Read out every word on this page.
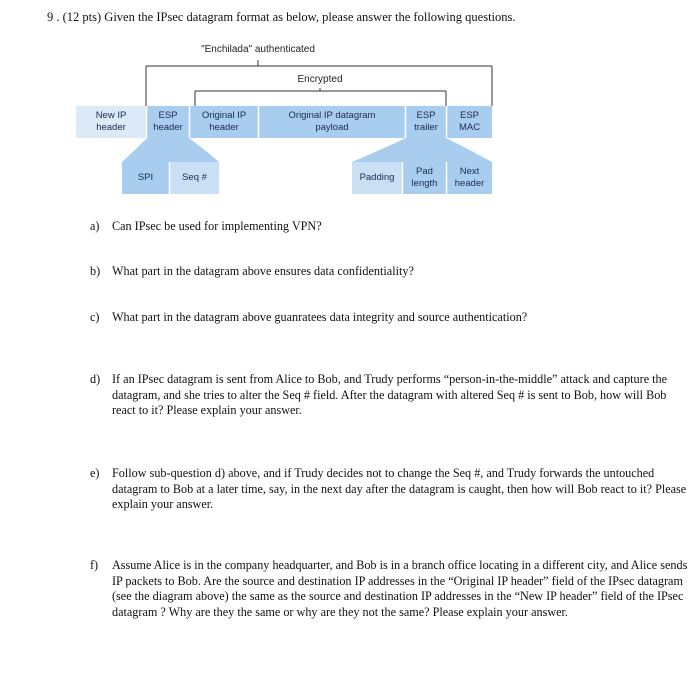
9 . (12 pts) Given the IPsec datagram format as below, please answer the following questions.
"Enchilada" authenticated
Encrypted
New IP header
ESP header
Original IP header
Original IP datagram payload
ESP trailer
ESP MAC
SPI	Seq #	Padding
Pad length
Next header
a) Can IPsec be used for implementing VPN?
b) What part in the datagram above ensures data confidentiality?
c) What part in the datagram above guanratees data integrity and source authentication?
d) If an IPsec datagram is sent from Alice to Bob, and Trudy performs “person-in-the-middle” attack and capture the datagram, and she tries to alter the Seq # field. After the datagram with altered Seq # is sent to Bob, how will Bob react to it? Please explain your answer.
e) Follow sub-question d) above, and if Trudy decides not to change the Seq #, and Trudy forwards the untouched datagram to Bob at a later time, say, in the next day after the datagram is caught, then how will Bob react to it? Please explain your answer.
f) Assume Alice is in the company headquarter, and Bob is in a branch office locating in a different city, and Alice sends IP packets to Bob. Are the source and destination IP addresses in the “Original IP header” field of the IPsec datagram (see the diagram above) the same as the source and destination IP addresses in the “New IP header” field of the IPsec datagram ? Why are they the same or why are they not the same? Please explain your answer.
